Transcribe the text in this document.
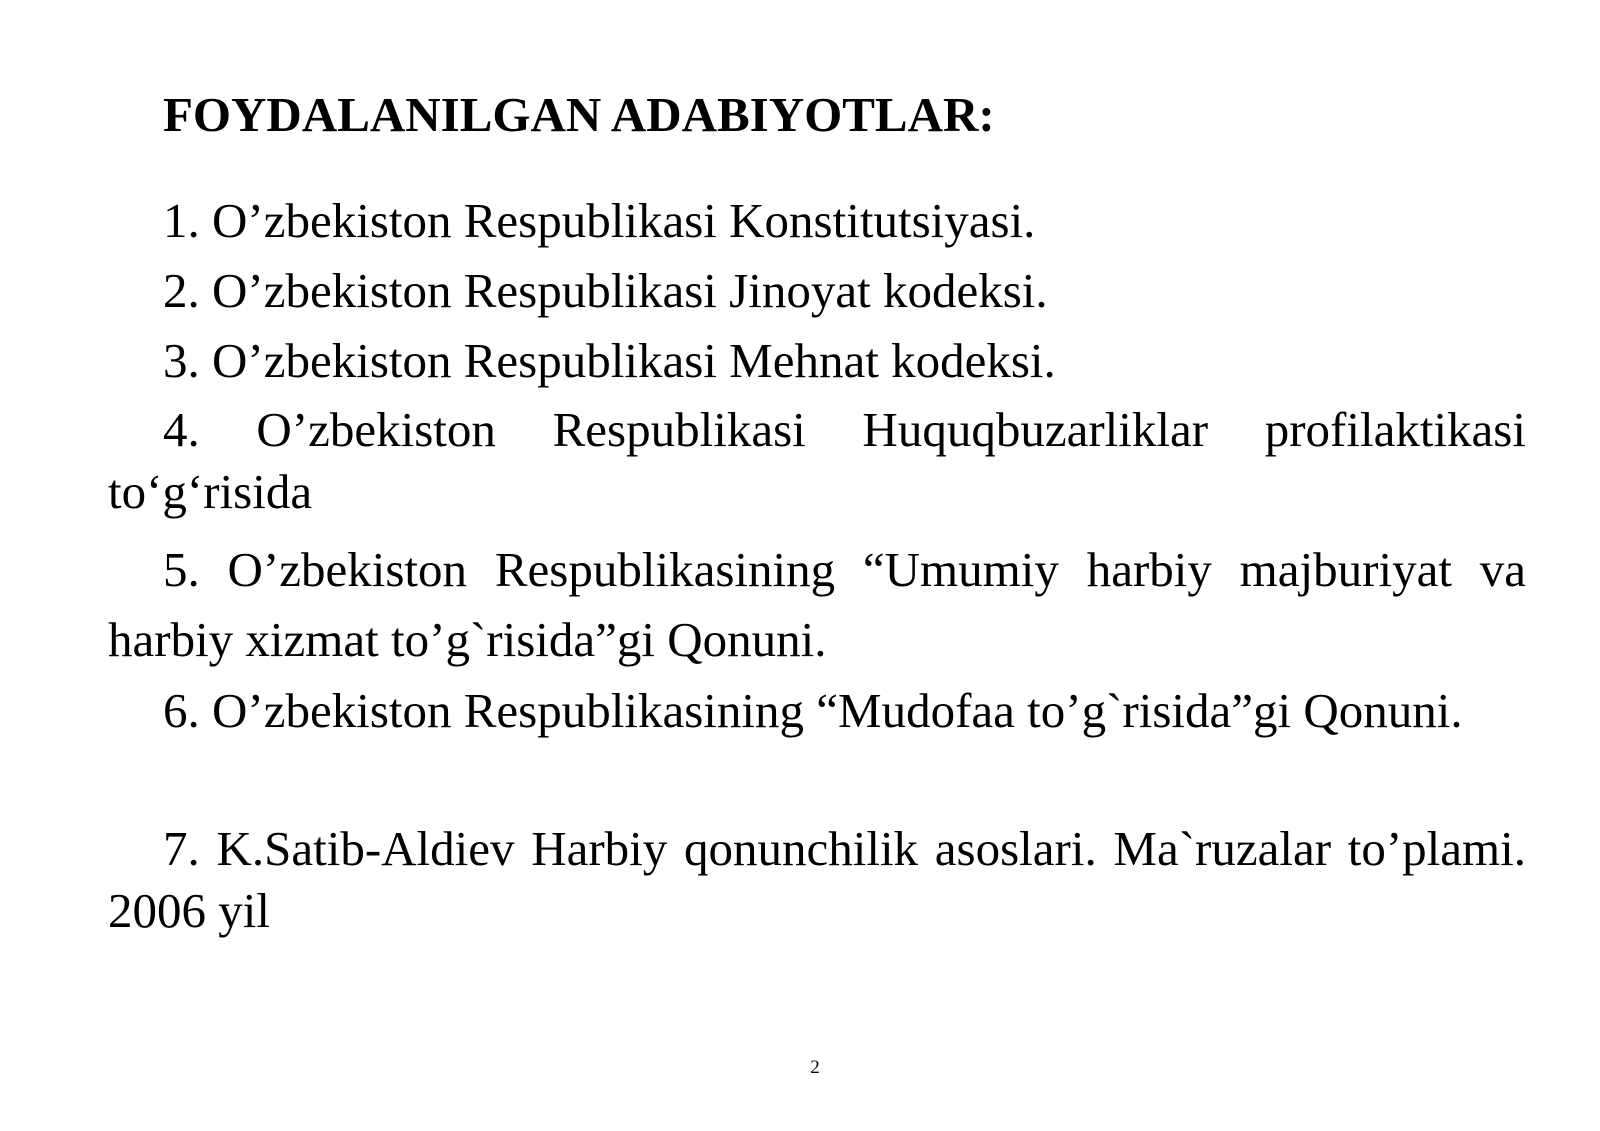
FOYDALANILGAN ADABIYOTLAR:

1. O’zbekiston Respublikasi Konstitutsiyasi.

2. O’zbekiston Respublikasi Jinoyat kodeksi.

3. O’zbekiston Respublikasi Mehnat kodeksi.

4. O’zbekiston Respublikasi Huquqbuzarliklar profilaktikasi to‘g‘risida

5. O’zbekiston Respublikasining “Umumiy harbiy majburiyat va harbiy xizmat to’g`risida”gi Qonuni.

6. O’zbekiston Respublikasining “Mudofaa to’g`risida”gi Qonuni.

7. K.Satib-Aldiev Harbiy qonunchilik asoslari. Ma`ruzalar to’plami. 2006 yil

2
